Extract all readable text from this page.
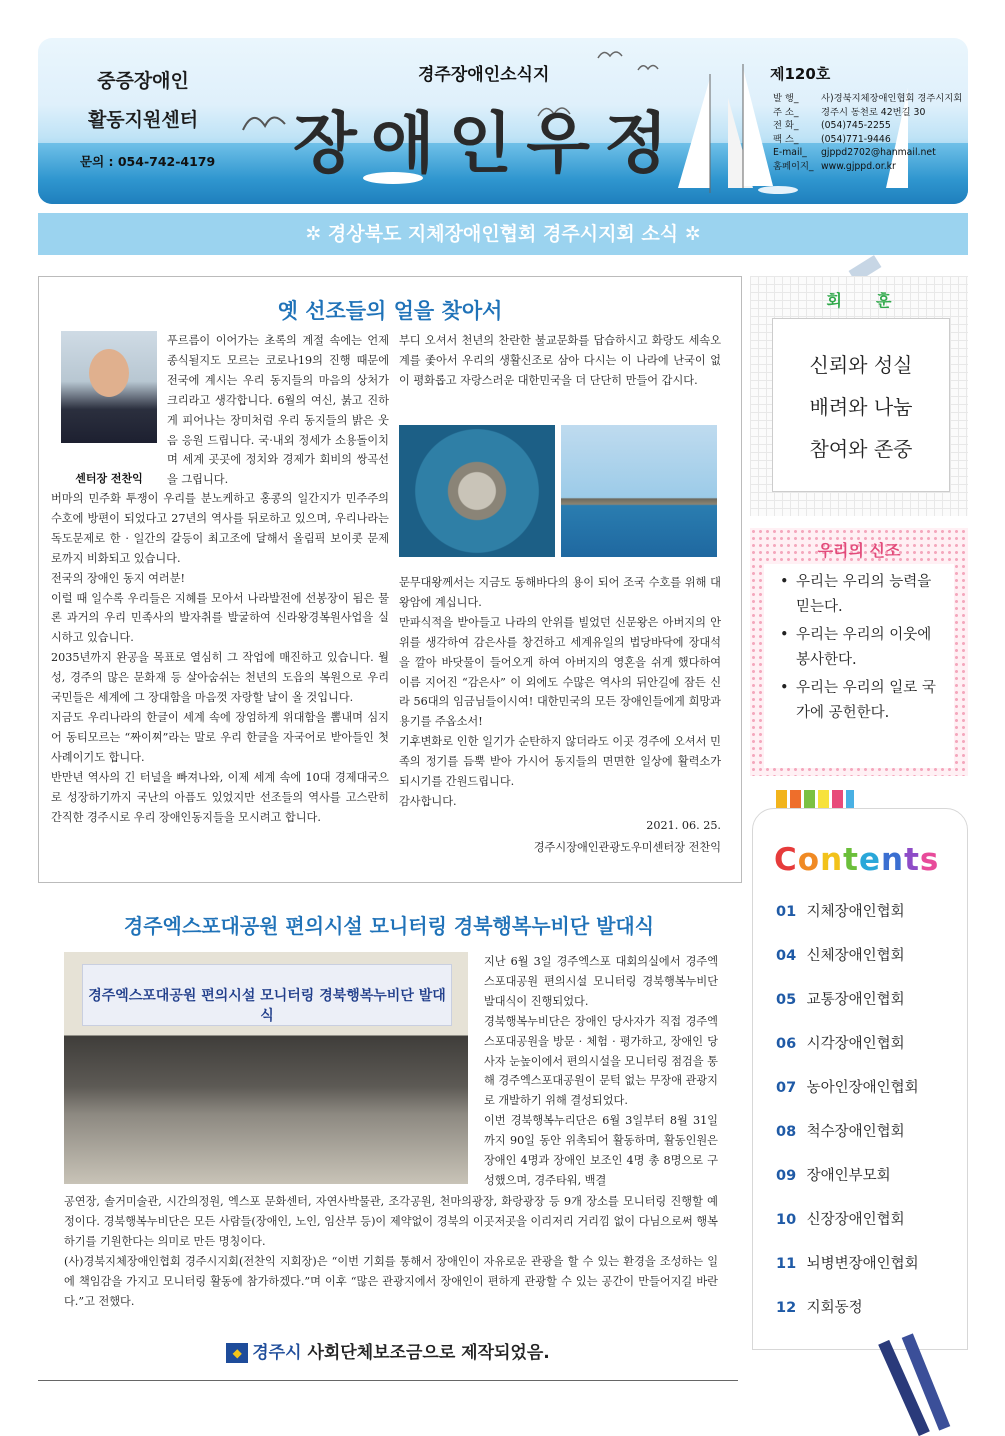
중증장애인
활동지원센터
문의 : 054-742-4179
경주장애인소식지
장애인우정
제120호
발 행_ 사)경북지체장애인협회 경주시지회
주 소_ 경주시 동천로 42번길 30
전 화_ (054)745-2255
팩 스_ (054)771-9446
E-mail_ gjppd2702@hanmail.net
홈페이지_ www.gjppd.or.kr
✲ 경상북도 지체장애인협회 경주시지회 소식 ✲
옛 선조들의 얼을 찾아서
센터장 전찬익

푸르름이 이어가는 초록의 계절 속에는 언제 종식될지도 모르는 코로나19의 진행 때문에 전국에 계시는 우리 동지들의 마음의 상처가 크리라고 생각합니다. 6월의 여신, 붉고 진하게 피어나는 장미처럼 우리 동지들의 밝은 웃음 응원 드립니다. 국·내외 정세가 소용돌이치며 세계 곳곳에 정치와 경제가 회비의 쌍곡선을 그립니다.

버마의 민주화 투쟁이 우리를 분노케하고 홍콩의 일간지가 민주주의 수호에 방편이 되었다고 27년의 역사를 뒤로하고 있으며, 우리나라는 독도문제로 한 · 일간의 갈등이 최고조에 달해서 올림픽 보이콧 문제로까지 비화되고 있습니다.

전국의 장애인 동지 여러분!

이럴 때 일수록 우리들은 지혜를 모아서 나라발전에 선봉장이 됨은 물론 과거의 우리 민족사의 발자취를 발굴하여 신라왕경복원사업을 실시하고 있습니다.

2035년까지 완공을 목표로 열심히 그 작업에 매진하고 있습니다. 월성, 경주의 많은 문화재 등 살아숨쉬는 천년의 도읍의 복원으로 우리국민들은 세계에 그 장대함을 마음껏 자랑할 날이 올 것입니다.

지금도 우리나라의 한글이 세계 속에 장엄하게 위대함을 뽐내며 심지어 동티모르는 “짜이찌”라는 말로 우리 한글을 자국어로 받아들인 첫 사례이기도 합니다.

반만년 역사의 긴 터널을 빠져나와, 이제 세계 속에 10대 경제대국으로 성장하기까지 국난의 아픔도 있었지만 선조들의 역사를 고스란히 간직한 경주시로 우리 장애인동지들을 모시려고 합니다.

부디 오셔서 천년의 찬란한 불교문화를 답습하시고 화랑도 세속오계를 좇아서 우리의 생활신조로 삼아 다시는 이 나라에 난국이 없이 평화롭고 자랑스러운 대한민국을 더 단단히 만들어 갑시다.

문무대왕께서는 지금도 동해바다의 용이 되어 조국 수호를 위해 대왕암에 계십니다.

만파식적을 받아들고 나라의 안위를 빌었던 신문왕은 아버지의 안위를 생각하여 감은사를 창건하고 세계유일의 법당바닥에 장대석을 깔아 바닷물이 들어오게 하여 아버지의 영혼을 쉬게 했다하여 이름 지어진 “감은사” 이 외에도 수많은 역사의 뒤안길에 잠든 신라 56대의 임금님들이시여! 대한민국의 모든 장애인들에게 희망과 용기를 주옵소서!

기후변화로 인한 일기가 순탄하지 않더라도 이곳 경주에 오셔서 민족의 정기를 듬뿍 받아 가시어 동지들의 면면한 일상에 활력소가 되시기를 간원드립니다.

감사합니다.

2021. 06. 25.
경주시장애인관광도우미센터장 전찬익
경주엑스포대공원 편의시설 모니터링 경북행복누비단 발대식
경주엑스포대공원 편의시설 모니터링 경북행복누비단 발대식

지난 6월 3일 경주엑스포 대회의실에서 경주엑스포대공원 편의시설 모니터링 경북행복누비단 발대식이 진행되었다.

경북행복누비단은 장애인 당사자가 직접 경주엑스포대공원을 방문 · 체험 · 평가하고, 장애인 당사자 눈높이에서 편의시설을 모니터링 점검을 통해 경주엑스포대공원이 문턱 없는 무장애 관광지로 개발하기 위해 결성되었다.

이번 경북행복누리단은 6월 3일부터 8월 31일까지 90일 동안 위촉되어 활동하며, 활동인원은 장애인 4명과 장애인 보조인 4명 총 8명으로 구성했으며, 경주타워, 백결

공연장, 솔거미술관, 시간의정원, 엑스포 문화센터, 자연사박물관, 조각공원, 천마의광장, 화랑광장 등 9개 장소를 모니터링 진행할 예정이다. 경북행복누비단은 모든 사람들(장애인, 노인, 임산부 등)이 제약없이 경북의 이곳저곳을 이리저리 거리낌 없이 다님으로써 행복하기를 기원한다는 의미로 만든 명칭이다.

(사)경북지체장애인협회 경주시지회(전찬익 지회장)은 “이번 기회를 통해서 장애인이 자유로운 관광을 할 수 있는 환경을 조성하는 일에 책임감을 가지고 모니터링 활동에 참가하겠다.”며 이후 “많은 관광지에서 장애인이 편하게 관광할 수 있는 공간이 만들어지길 바란다.”고 전했다.

◆ 경주시 사회단체보조금으로 제작되었음.
회훈
신뢰와 성실
배려와 나눔
참여와 존중
우리의 신조
• 우리는 우리의 능력을 믿는다.
• 우리는 우리의 이웃에 봉사한다.
• 우리는 우리의 일로 국가에 공헌한다.
Contents
01 지체장애인협회
04 신체장애인협회
05 교통장애인협회
06 시각장애인협회
07 농아인장애인협회
08 척수장애인협회
09 장애인부모회
10 신장장애인협회
11 뇌병변장애인협회
12 지회동정
